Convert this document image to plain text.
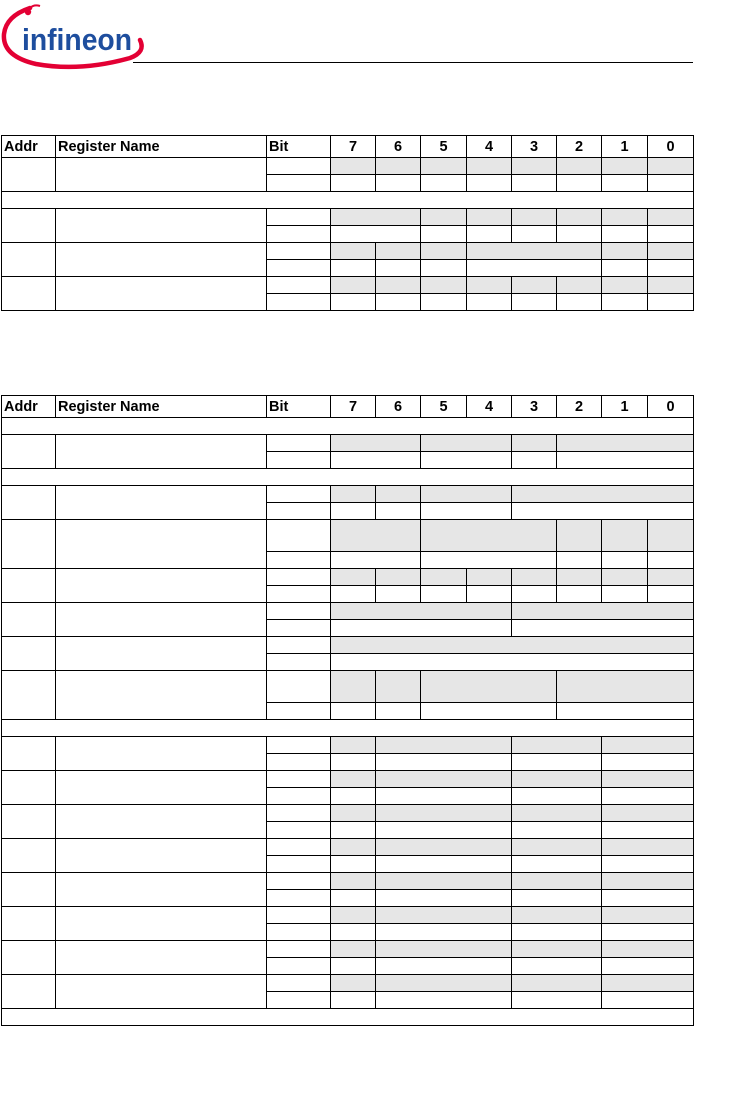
infineon
Addr	Register Name	Bit	7	6	5	4	3	2	1	0

Addr	Register Name	Bit	7	6	5	4	3	2	1	0
